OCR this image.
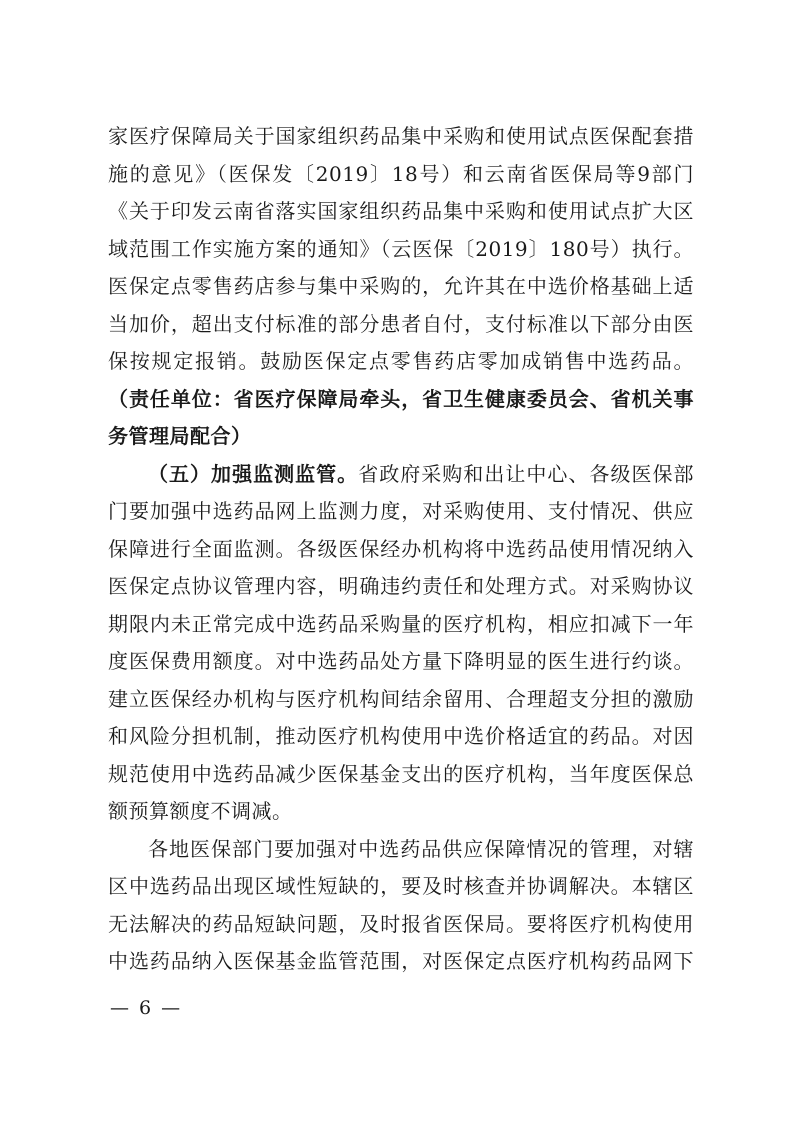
家医疗保障局关于国家组织药品集中采购和使用试点医保配套措
施的意见》（医保发〔2019〕18号）和云南省医保局等9部门
《关于印发云南省落实国家组织药品集中采购和使用试点扩大区
域范围工作实施方案的通知》（云医保〔2019〕180号）执行。
医保定点零售药店参与集中采购的，允许其在中选价格基础上适
当加价，超出支付标准的部分患者自付，支付标准以下部分由医
保按规定报销。鼓励医保定点零售药店零加成销售中选药品。
（责任单位：省医疗保障局牵头，省卫生健康委员会、省机关事
务管理局配合）
（五）加强监测监管。省政府采购和出让中心、各级医保部
门要加强中选药品网上监测力度，对采购使用、支付情况、供应
保障进行全面监测。各级医保经办机构将中选药品使用情况纳入
医保定点协议管理内容，明确违约责任和处理方式。对采购协议
期限内未正常完成中选药品采购量的医疗机构，相应扣减下一年
度医保费用额度。对中选药品处方量下降明显的医生进行约谈。
建立医保经办机构与医疗机构间结余留用、合理超支分担的激励
和风险分担机制，推动医疗机构使用中选价格适宜的药品。对因
规范使用中选药品减少医保基金支出的医疗机构，当年度医保总
额预算额度不调减。
各地医保部门要加强对中选药品供应保障情况的管理，对辖
区中选药品出现区域性短缺的，要及时核查并协调解决。本辖区
无法解决的药品短缺问题，及时报省医保局。要将医疗机构使用
中选药品纳入医保基金监管范围，对医保定点医疗机构药品网下
— 6 —
